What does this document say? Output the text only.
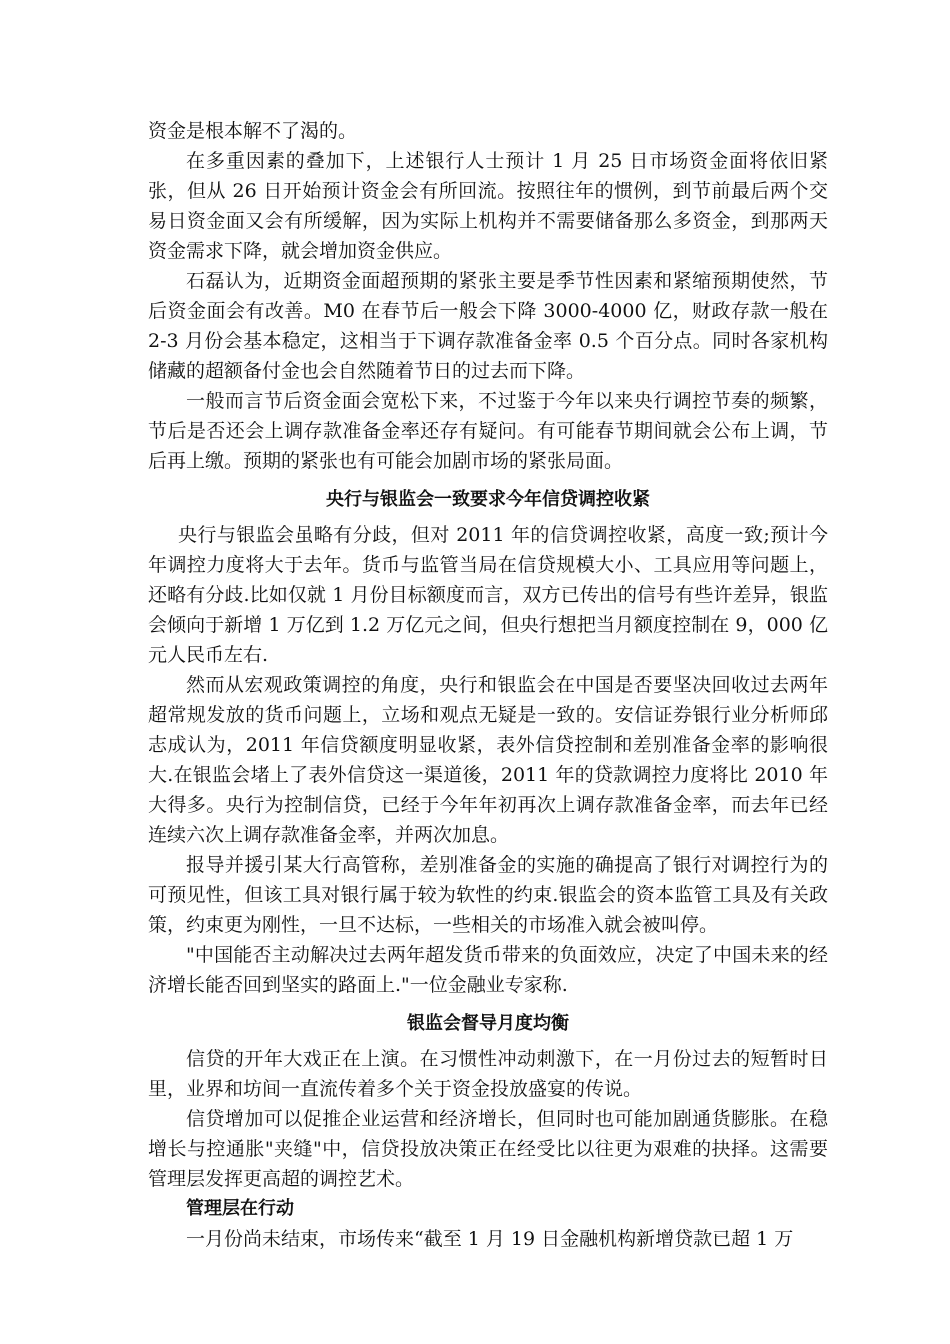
资金是根本解不了渴的。

在多重因素的叠加下，上述银行人士预计 1 月 25 日市场资金面将依旧紧张，但从 26 日开始预计资金会有所回流。按照往年的惯例，到节前最后两个交易日资金面又会有所缓解，因为实际上机构并不需要储备那么多资金，到那两天资金需求下降，就会增加资金供应。

石磊认为，近期资金面超预期的紧张主要是季节性因素和紧缩预期使然，节后资金面会有改善。M0 在春节后一般会下降 3000-4000 亿，财政存款一般在 2-3 月份会基本稳定，这相当于下调存款准备金率 0.5 个百分点。同时各家机构储藏的超额备付金也会自然随着节日的过去而下降。

一般而言节后资金面会宽松下来，不过鉴于今年以来央行调控节奏的频繁，节后是否还会上调存款准备金率还存有疑问。有可能春节期间就会公布上调，节后再上缴。预期的紧张也有可能会加剧市场的紧张局面。

央行与银监会一致要求今年信贷调控收紧

央行与银监会虽略有分歧，但对 2011 年的信贷调控收紧，高度一致;预计今年调控力度将大于去年。货币与监管当局在信贷规模大小、工具应用等问题上，还略有分歧.比如仅就 1 月份目标额度而言，双方已传出的信号有些许差异，银监会倾向于新增 1 万亿到 1.2 万亿元之间，但央行想把当月额度控制在 9，000 亿元人民币左右.

然而从宏观政策调控的角度，央行和银监会在中国是否要坚决回收过去两年超常规发放的货币问题上，立场和观点无疑是一致的。安信证券银行业分析师邱志成认为，2011 年信贷额度明显收紧，表外信贷控制和差别准备金率的影响很大.在银监会堵上了表外信贷这一渠道後，2011 年的贷款调控力度将比 2010 年大得多。央行为控制信贷，已经于今年年初再次上调存款准备金率，而去年已经连续六次上调存款准备金率，并两次加息。

报导并援引某大行高管称，差别准备金的实施的确提高了银行对调控行为的可预见性，但该工具对银行属于较为软性的约束.银监会的资本监管工具及有关政策，约束更为刚性，一旦不达标，一些相关的市场准入就会被叫停。

"中国能否主动解决过去两年超发货币带来的负面效应，决定了中国未来的经济增长能否回到坚实的路面上."一位金融业专家称.

银监会督导月度均衡

信贷的开年大戏正在上演。在习惯性冲动刺激下，在一月份过去的短暂时日里，业界和坊间一直流传着多个关于资金投放盛宴的传说。

信贷增加可以促推企业运营和经济增长，但同时也可能加剧通货膨胀。在稳增长与控通胀"夹缝"中，信贷投放决策正在经受比以往更为艰难的抉择。这需要管理层发挥更高超的调控艺术。

管理层在行动

一月份尚未结束，市场传来“截至 1 月 19 日金融机构新增贷款已超 1 万
